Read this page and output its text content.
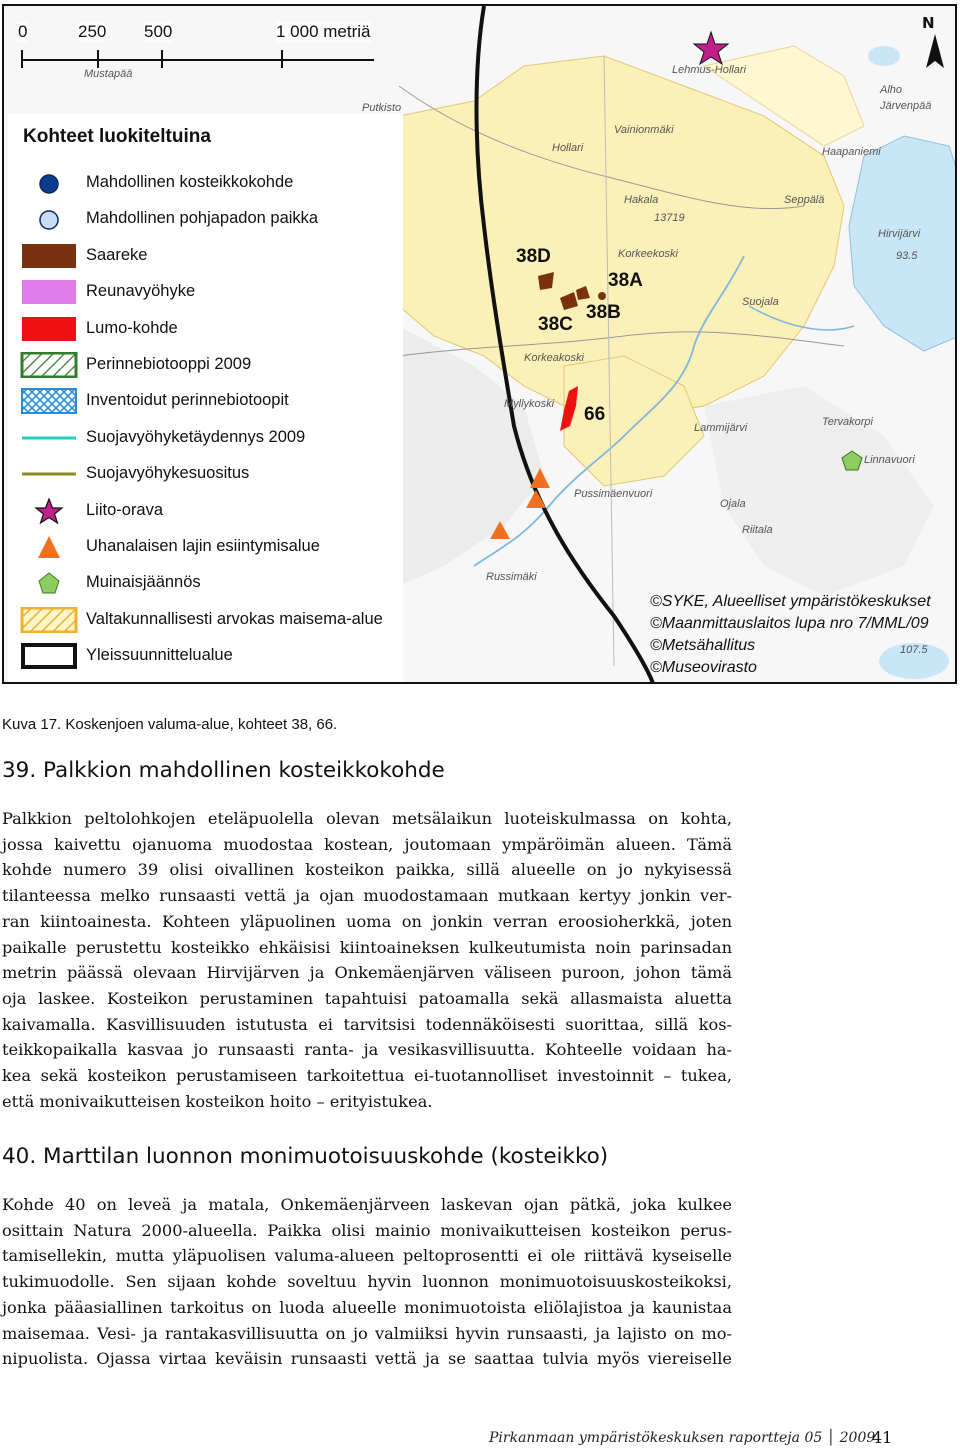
0	250 500	1 000 metriä	N
Putkisto
Mustapää	Lehmus-Hollari
Vainionmäki
Hollari
Hakala	Seppälä
Haapaniemi
Alho
Järvenpää
Korkeekoski
Hirvijärvi
93.5
Suojala
Lammijärvi	Tervakorpi
Linnavuori
Pussimäenvuori
Ojala
Riitala
Russimäki
Korkeakoski
Myllykoski
107.5
13719
38D
38A
38C
38B
66
Kohteet luokiteltuina
Mahdollinen kosteikkokohde
Mahdollinen pohjapadon paikka
Saareke
Reunavyöhyke
Lumo-kohde
Perinnebiotooppi 2009
Inventoidut perinnebiotoopit
Suojavyöhyketäydennys 2009
Suojavyöhykesuositus
Liito-orava
Uhanalaisen lajin esiintymisalue
Muinaisjäännös
Valtakunnallisesti arvokas maisema-alue
Yleissuunnittelualue
©SYKE, Alueelliset ympäristökeskukset
©Maanmittauslaitos lupa nro 7/MML/09
©Metsähallitus
©Museovirasto
Kuva 17. Koskenjoen valuma-alue, kohteet 38, 66.
39. Palkkion mahdollinen kosteikkokohde
Palkkion peltolohkojen eteläpuolella olevan metsälaikun luoteiskulmassa on kohta,
jossa kaivettu ojanuoma muodostaa kostean, joutomaan ympäröimän alueen. Tämä
kohde numero 39 olisi oivallinen kosteikon paikka, sillä alueelle on jo nykyisessä
tilanteessa melko runsaasti vettä ja ojan muodostamaan mutkaan kertyy jonkin ver-
ran kiintoainesta. Kohteen yläpuolinen uoma on jonkin verran eroosioherkkä, joten
paikalle perustettu kosteikko ehkäisisi kiintoaineksen kulkeutumista noin parinsadan
metrin päässä olevaan Hirvijärven ja Onkemäenjärven väliseen puroon, johon tämä
oja laskee. Kosteikon perustaminen tapahtuisi patoamalla sekä allasmaista aluetta
kaivamalla. Kasvillisuuden istutusta ei tarvitsisi todennäköisesti suorittaa, sillä kos-
teikkopaikalla kasvaa jo runsaasti ranta- ja vesikasvillisuutta. Kohteelle voidaan ha-
kea sekä kosteikon perustamiseen tarkoitettua ei-tuotannolliset investoinnit – tukea,
että monivaikutteisen kosteikon hoito – erityistukea.
40. Marttilan luonnon monimuotoisuuskohde (kosteikko)
Kohde 40 on leveä ja matala, Onkemäenjärveen laskevan ojan pätkä, joka kulkee
osittain Natura 2000-alueella. Paikka olisi mainio monivaikutteisen kosteikon perus-
tamisellekin, mutta yläpuolisen valuma-alueen peltoprosentti ei ole riittävä kyseiselle
tukimuodolle. Sen sijaan kohde soveltuu hyvin luonnon monimuotoisuuskosteikoksi,
jonka pääasiallinen tarkoitus on luoda alueelle monimuotoista eliölajistoa ja kaunistaa
maisemaa. Vesi- ja rantakasvillisuutta on jo valmiiksi hyvin runsaasti, ja lajisto on mo-
nipuolista. Ojassa virtaa keväisin runsaasti vettä ja se saattaa tulvia myös viereiselle
Pirkanmaan ympäristökeskuksen raportteja 05 │ 2009
41
